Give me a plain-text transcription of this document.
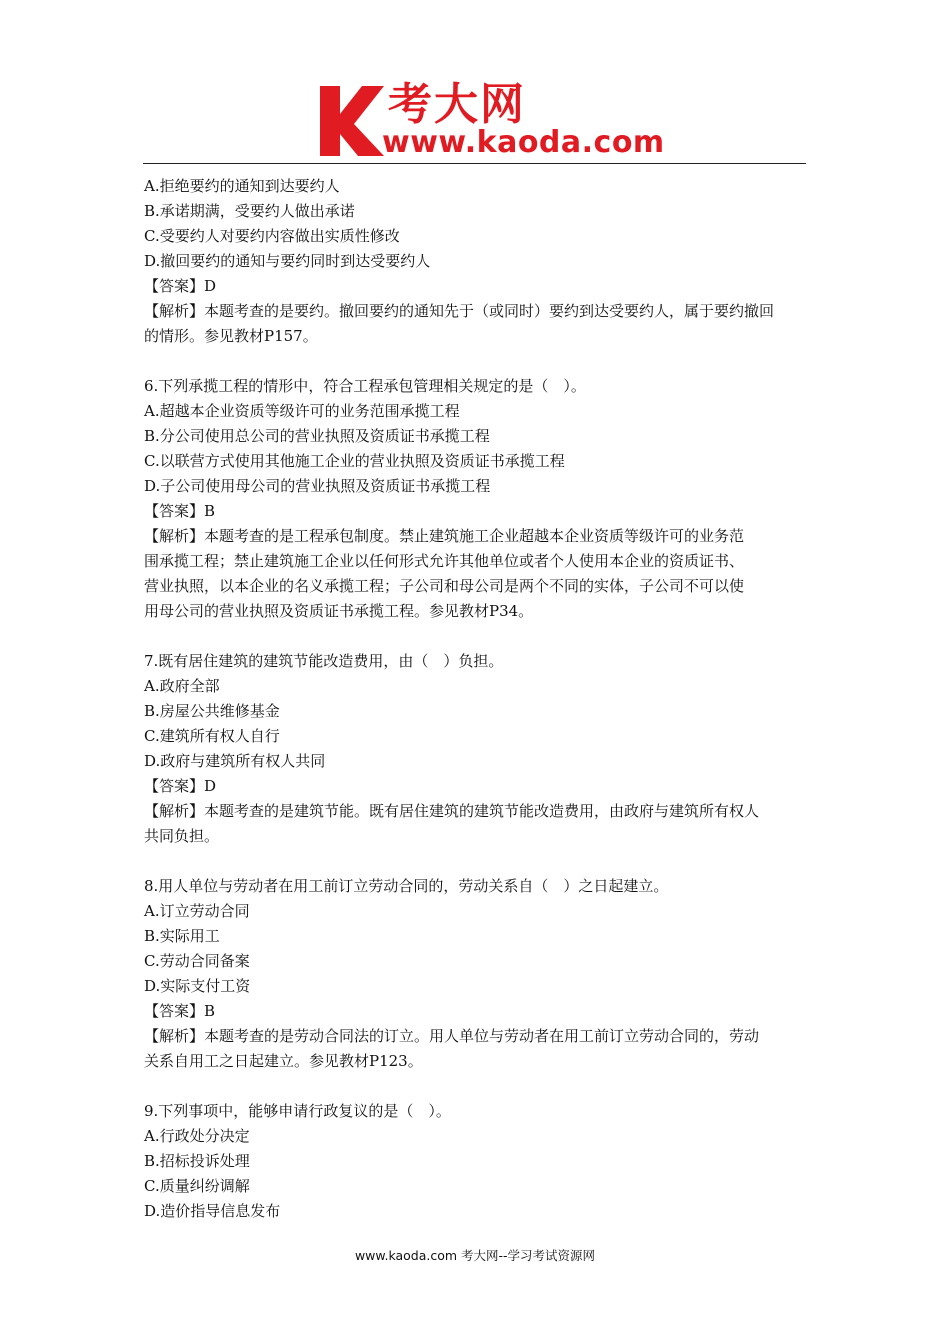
考大网
www.kaoda.com

A.拒绝要约的通知到达要约人

B.承诺期满，受要约人做出承诺

C.受要约人对要约内容做出实质性修改

D.撤回要约的通知与要约同时到达受要约人

【答案】D

【解析】本题考查的是要约。撤回要约的通知先于（或同时）要约到达受要约人，属于要约撤回

的情形。参见教材P157。

6.下列承揽工程的情形中，符合工程承包管理相关规定的是（　）。

A.超越本企业资质等级许可的业务范围承揽工程

B.分公司使用总公司的营业执照及资质证书承揽工程

C.以联营方式使用其他施工企业的营业执照及资质证书承揽工程

D.子公司使用母公司的营业执照及资质证书承揽工程

【答案】B

【解析】本题考查的是工程承包制度。禁止建筑施工企业超越本企业资质等级许可的业务范

围承揽工程；禁止建筑施工企业以任何形式允许其他单位或者个人使用本企业的资质证书、

营业执照，以本企业的名义承揽工程；子公司和母公司是两个不同的实体，子公司不可以使

用母公司的营业执照及资质证书承揽工程。参见教材P34。

7.既有居住建筑的建筑节能改造费用，由（　）负担。

A.政府全部

B.房屋公共维修基金

C.建筑所有权人自行

D.政府与建筑所有权人共同

【答案】D

【解析】本题考查的是建筑节能。既有居住建筑的建筑节能改造费用，由政府与建筑所有权人

共同负担。

8.用人单位与劳动者在用工前订立劳动合同的，劳动关系自（　）之日起建立。

A.订立劳动合同

B.实际用工

C.劳动合同备案

D.实际支付工资

【答案】B

【解析】本题考查的是劳动合同法的订立。用人单位与劳动者在用工前订立劳动合同的，劳动

关系自用工之日起建立。参见教材P123。

9.下列事项中，能够申请行政复议的是（　）。

A.行政处分决定

B.招标投诉处理

C.质量纠纷调解

D.造价指导信息发布

www.kaoda.com 考大网--学习考试资源网
